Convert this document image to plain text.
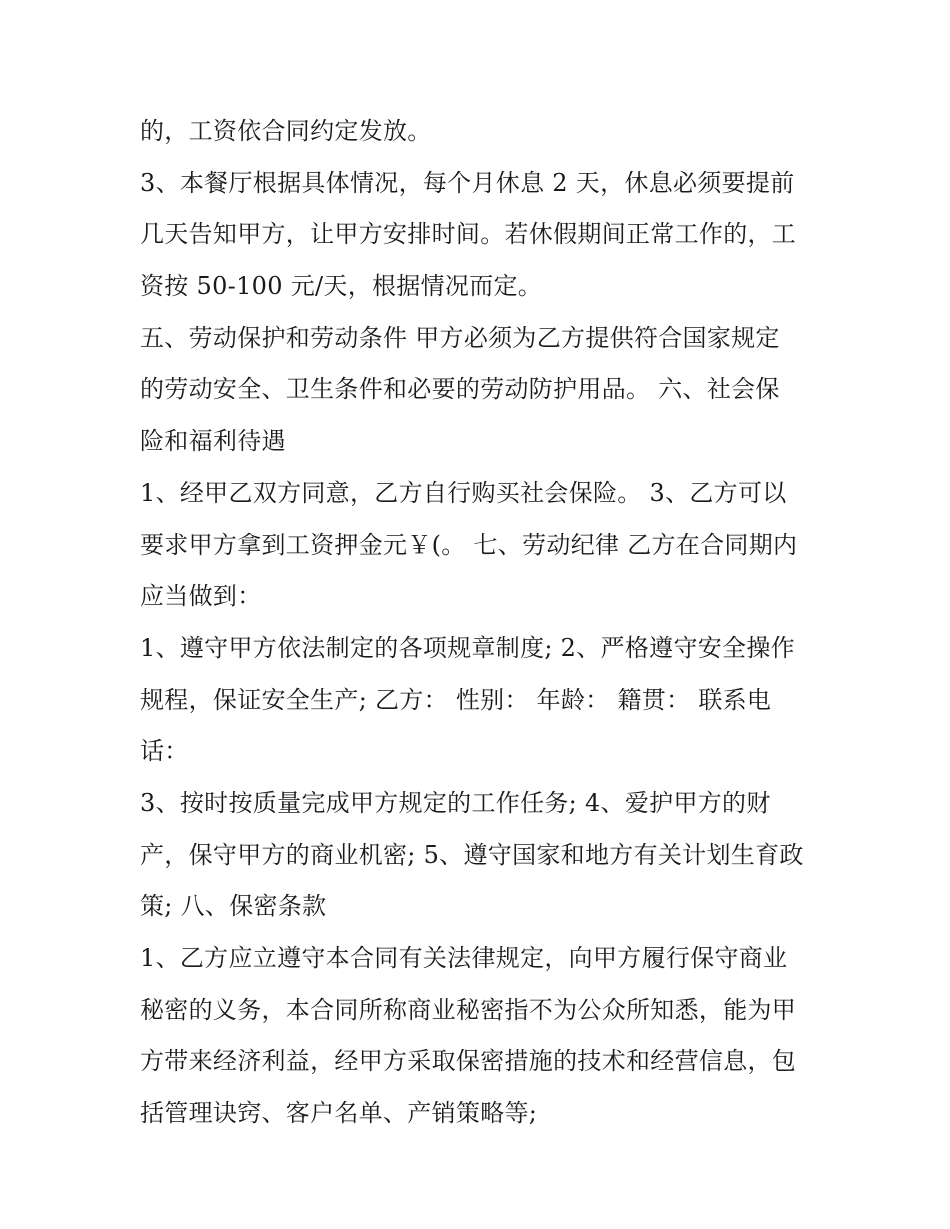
的，工资依合同约定发放。
3、本餐厅根据具体情况，每个月休息 2 天，休息必须要提前
几天告知甲方，让甲方安排时间。若休假期间正常工作的，工
资按 50-100 元/天，根据情况而定。
五、劳动保护和劳动条件 甲方必须为乙方提供符合国家规定
的劳动安全、卫生条件和必要的劳动防护用品。 六、社会保
险和福利待遇
1、经甲乙双方同意，乙方自行购买社会保险。 3、乙方可以
要求甲方拿到工资押金元￥(。 七、劳动纪律 乙方在合同期内
应当做到：
1、遵守甲方依法制定的各项规章制度; 2、严格遵守安全操作
规程，保证安全生产; 乙方： 性别： 年龄： 籍贯： 联系电
话：
3、按时按质量完成甲方规定的工作任务; 4、爱护甲方的财
产，保守甲方的商业机密; 5、遵守国家和地方有关计划生育政
策; 八、保密条款
1、乙方应立遵守本合同有关法律规定，向甲方履行保守商业
秘密的义务，本合同所称商业秘密指不为公众所知悉，能为甲
方带来经济利益，经甲方采取保密措施的技术和经营信息，包
括管理诀窍、客户名单、产销策略等;
